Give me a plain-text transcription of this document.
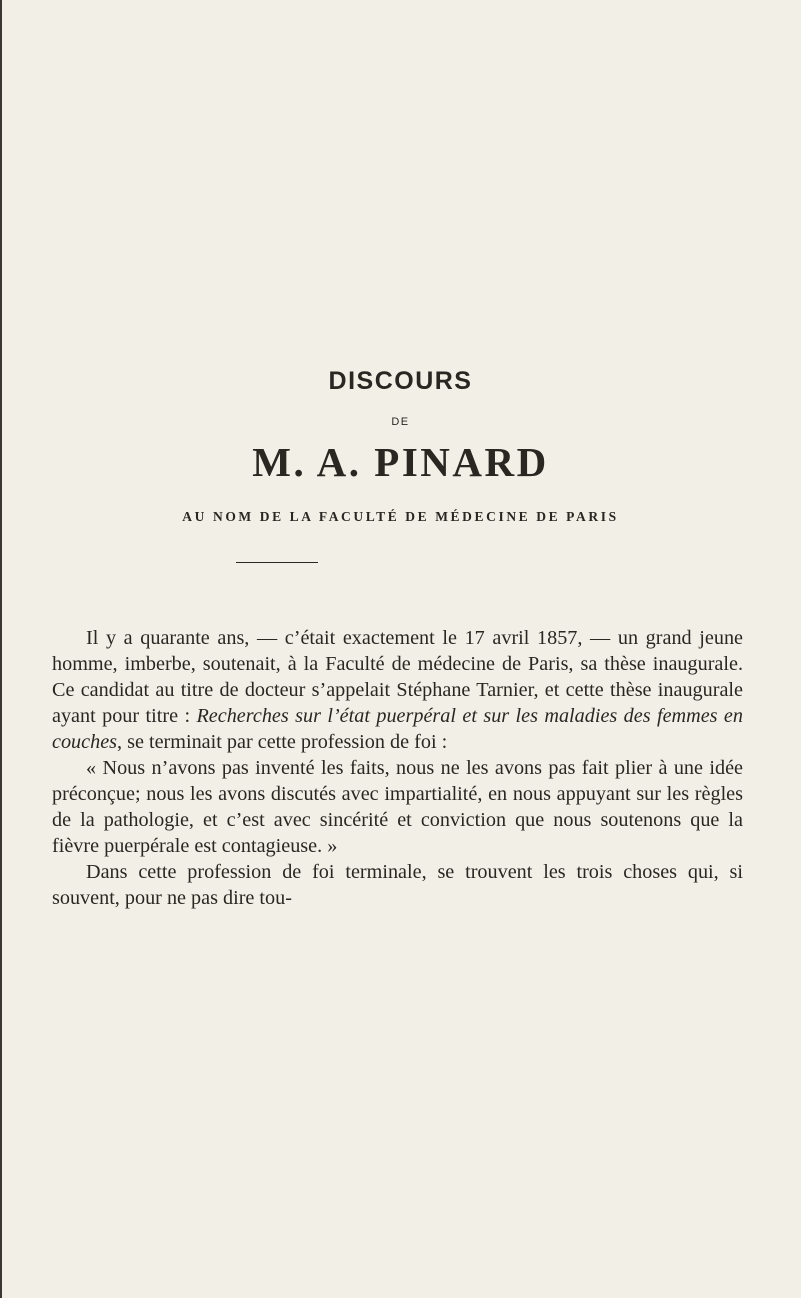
DISCOURS
DE
M. A. PINARD
AU NOM DE LA FACULTÉ DE MÉDECINE DE PARIS

Il y a quarante ans, — c’était exactement le 17 avril 1857, — un grand jeune homme, imberbe, soutenait, à la Faculté de médecine de Paris, sa thèse inaugurale. Ce candidat au titre de docteur s’appelait Stéphane Tarnier, et cette thèse inaugurale ayant pour titre : Recherches sur l’état puerpéral et sur les maladies des femmes en couches, se terminait par cette profession de foi :

« Nous n’avons pas inventé les faits, nous ne les avons pas fait plier à une idée préconçue; nous les avons discutés avec impartialité, en nous appuyant sur les règles de la pathologie, et c’est avec sincérité et conviction que nous soutenons que la fièvre puerpérale est contagieuse. »

Dans cette profession de foi terminale, se trouvent les trois choses qui, si souvent, pour ne pas dire tou-
